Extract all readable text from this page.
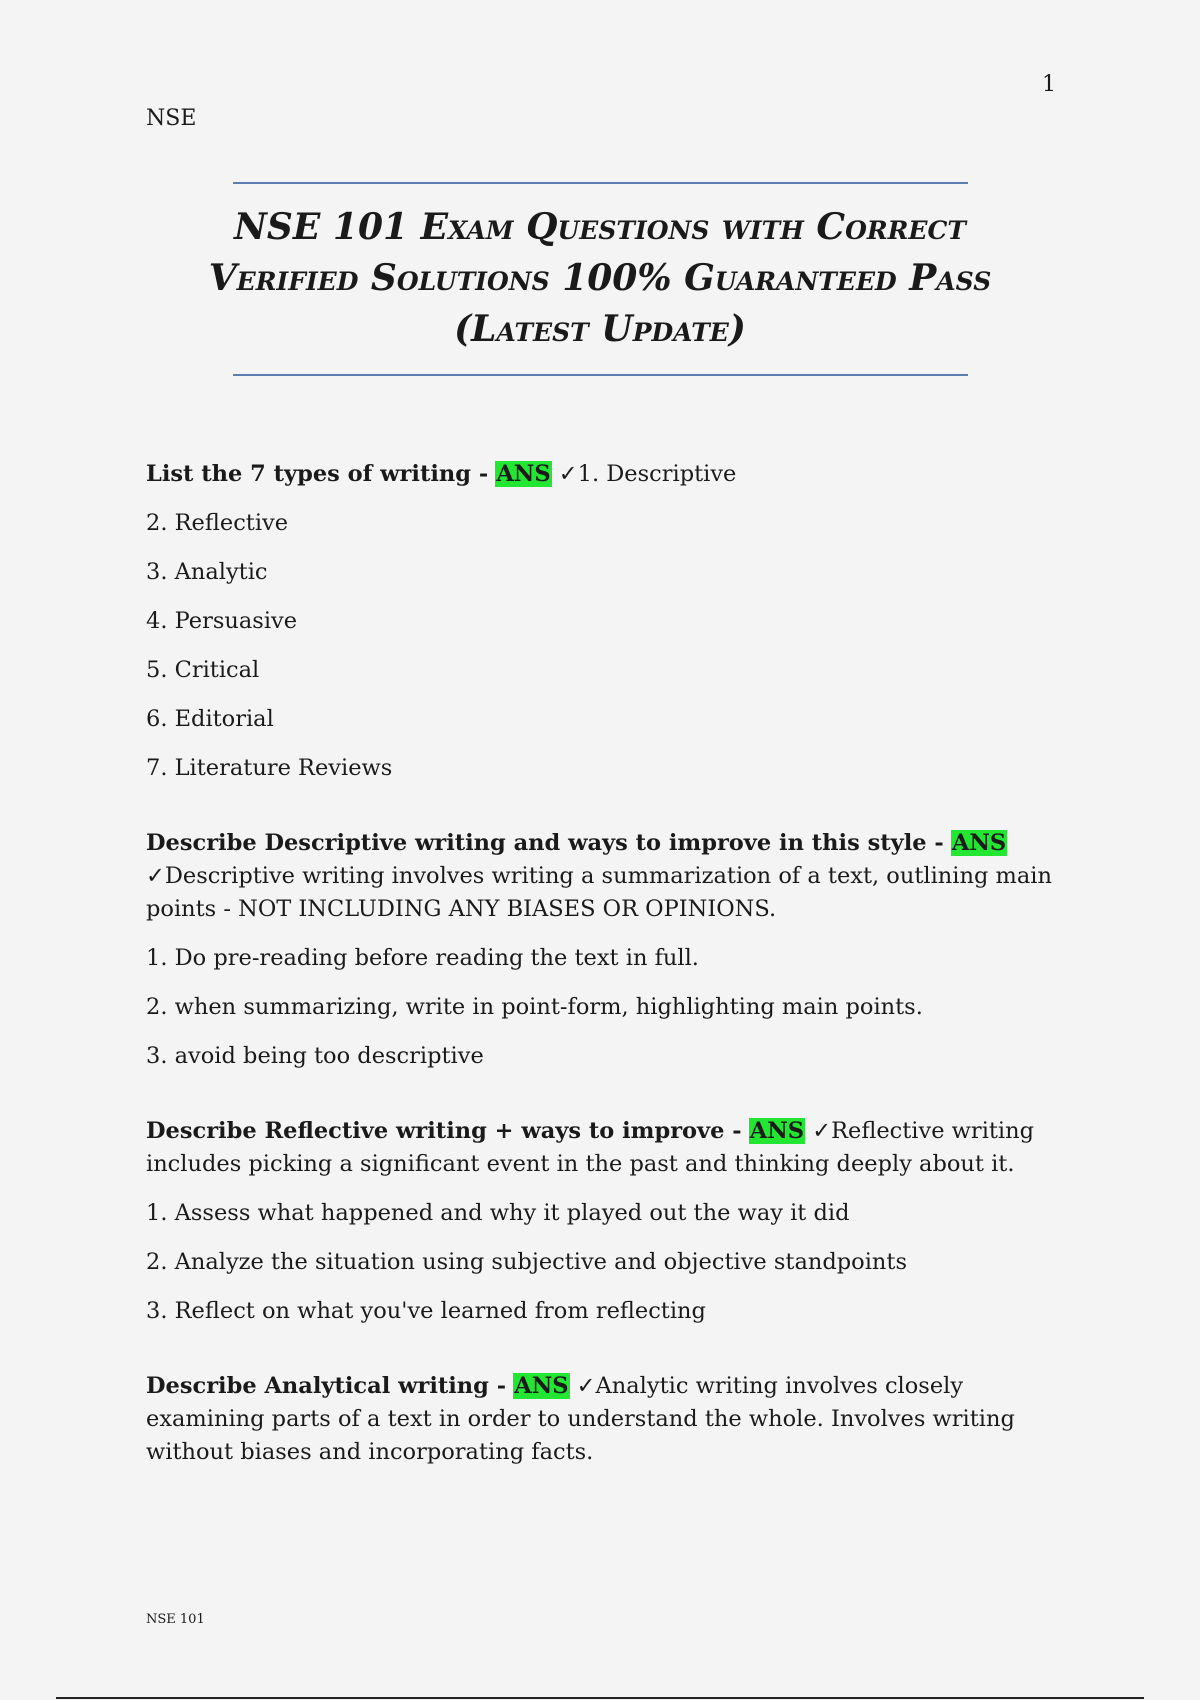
1
NSE
NSE 101 Exam Questions with Correct Verified Solutions 100% Guaranteed Pass (Latest Update)

List the 7 types of writing - ANS ✓1. Descriptive

2. Reflective

3. Analytic

4. Persuasive

5. Critical

6. Editorial

7. Literature Reviews

Describe Descriptive writing and ways to improve in this style - ANS ✓Descriptive writing involves writing a summarization of a text, outlining main points - NOT INCLUDING ANY BIASES OR OPINIONS.

1. Do pre-reading before reading the text in full.

2. when summarizing, write in point-form, highlighting main points.

3. avoid being too descriptive

Describe Reflective writing + ways to improve - ANS ✓Reflective writing includes picking a significant event in the past and thinking deeply about it.

1. Assess what happened and why it played out the way it did

2. Analyze the situation using subjective and objective standpoints

3. Reflect on what you've learned from reflecting

Describe Analytical writing - ANS ✓Analytic writing involves closely examining parts of a text in order to understand the whole. Involves writing without biases and incorporating facts.

NSE 101
